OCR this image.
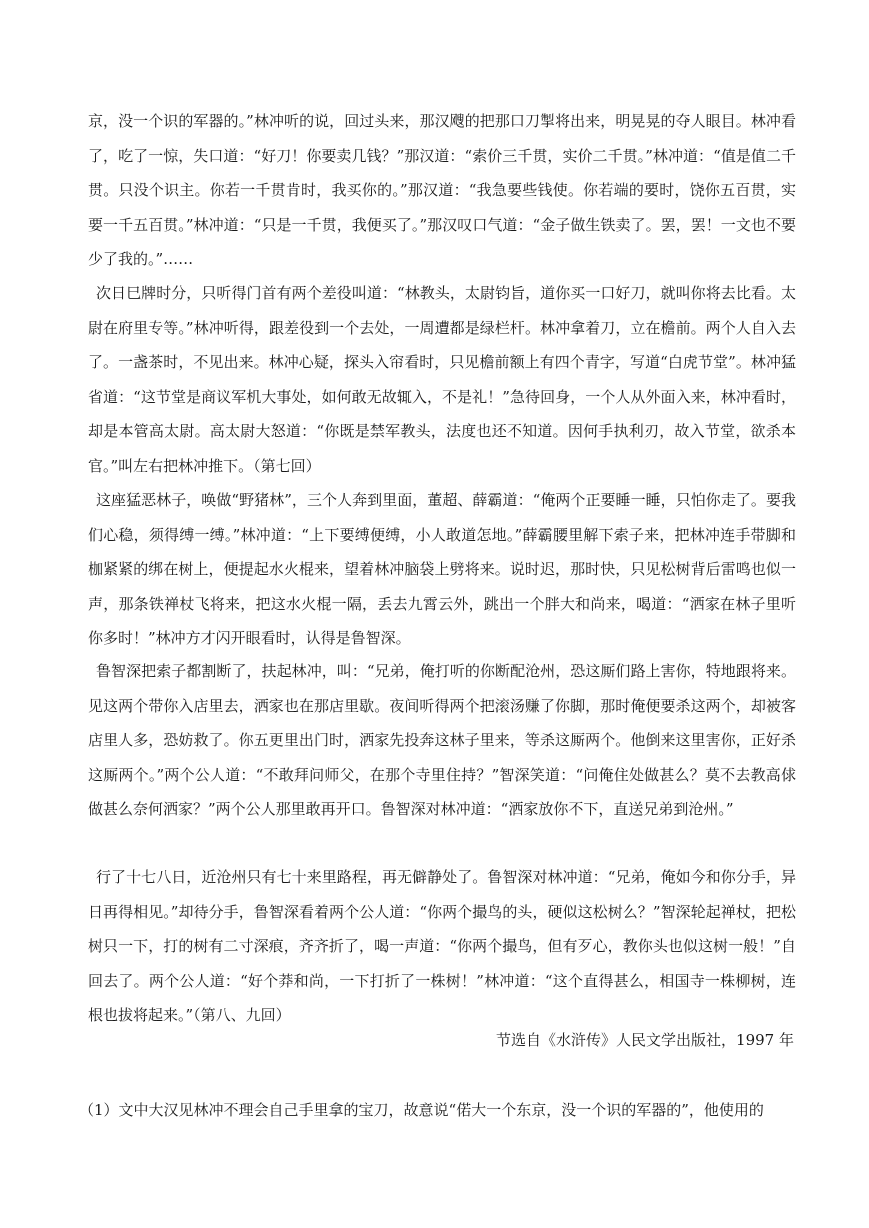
京，没一个识的军器的。”林冲听的说，回过头来，那汉飕的把那口刀掣将出来，明晃晃的夺人眼目。林冲看了，吃了一惊，失口道：“好刀！你要卖几钱？”那汉道：“索价三千贯，实价二千贯。”林冲道：“值是值二千贯。只没个识主。你若一千贯肯时，我买你的。”那汉道：“我急要些钱使。你若端的要时，饶你五百贯，实要一千五百贯。”林冲道：“只是一千贯，我便买了。”那汉叹口气道：“金子做生铁卖了。罢，罢！一文也不要少了我的。”……

次日巳牌时分，只听得门首有两个差役叫道：“林教头，太尉钧旨，道你买一口好刀，就叫你将去比看。太尉在府里专等。”林冲听得，跟差役到一个去处，一周遭都是绿栏杆。林冲拿着刀，立在檐前。两个人自入去了。一盏茶时，不见出来。林冲心疑，探头入帘看时，只见檐前额上有四个青字，写道“白虎节堂”。林冲猛省道：“这节堂是商议军机大事处，如何敢无故辄入，不是礼！”急待回身，一个人从外面入来，林冲看时，却是本管高太尉。高太尉大怒道：“你既是禁军教头，法度也还不知道。因何手执利刃，故入节堂，欲杀本官。”叫左右把林冲推下。（第七回）

这座猛恶林子，唤做“野猪林”，三个人奔到里面，董超、薛霸道：“俺两个正要睡一睡，只怕你走了。要我们心稳，须得缚一缚。”林冲道：“上下要缚便缚，小人敢道怎地。”薛霸腰里解下索子来，把林冲连手带脚和枷紧紧的绑在树上，便提起水火棍来，望着林冲脑袋上劈将来。说时迟，那时快，只见松树背后雷鸣也似一声，那条铁禅杖飞将来，把这水火棍一隔，丢去九霄云外，跳出一个胖大和尚来，喝道：“洒家在林子里听你多时！”林冲方才闪开眼看时，认得是鲁智深。

鲁智深把索子都割断了，扶起林冲，叫：“兄弟，俺打听的你断配沧州，恐这厮们路上害你，特地跟将来。见这两个带你入店里去，洒家也在那店里歇。夜间听得两个把滚汤赚了你脚，那时俺便要杀这两个，却被客店里人多，恐妨救了。你五更里出门时，洒家先投奔这林子里来，等杀这厮两个。他倒来这里害你，正好杀这厮两个。”两个公人道：“不敢拜问师父，在那个寺里住持？”智深笑道：“问俺住处做甚么？莫不去教高俅做甚么奈何洒家？”两个公人那里敢再开口。鲁智深对林冲道：“洒家放你不下，直送兄弟到沧州。”

行了十七八日，近沧州只有七十来里路程，再无僻静处了。鲁智深对林冲道：“兄弟，俺如今和你分手，异日再得相见。”却待分手，鲁智深看着两个公人道：“你两个撮鸟的头，硬似这松树么？”智深轮起禅杖，把松树只一下，打的树有二寸深痕，齐齐折了，喝一声道：“你两个撮鸟，但有歹心，教你头也似这树一般！”自回去了。两个公人道：“好个莽和尚，一下打折了一株树！”林冲道：“这个直得甚么，相国寺一株柳树，连根也拔将起来。”（第八、九回）

节选自《水浒传》人民文学出版社，1997 年

（1）文中大汉见林冲不理会自己手里拿的宝刀，故意说“偌大一个东京，没一个识的军器的”，他使用的
